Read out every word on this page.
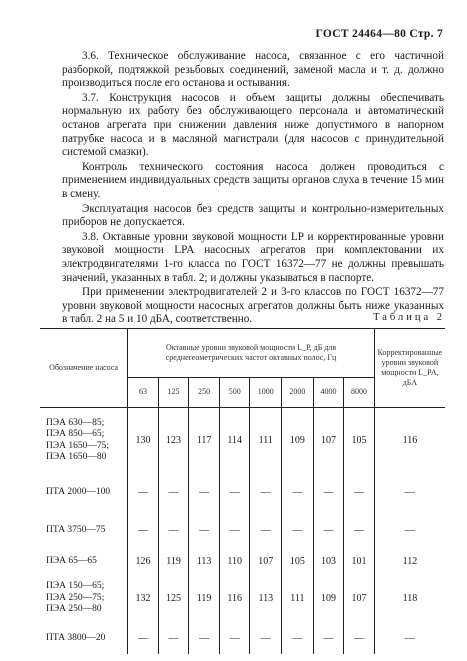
ГОСТ 24464—80 Стр. 7

3.6. Техническое обслуживание насоса, связанное с его частичной разборкой, подтяжкой резьбовых соединений, заменой масла и т. д. должно производиться после его останова и остывания.

3.7. Конструкция насосов и объем защиты должны обеспечивать нормальную их работу без обслуживающего персонала и автоматический останов агрегата при снижении давления ниже допустимого в напорном патрубке насоса и в масляной магистрали (для насосов с принудительной системой смазки).

Контроль технического состояния насоса должен проводиться с применением индивидуальных средств защиты органов слуха в течение 15 мин в смену.

Эксплуатация насосов без средств защиты и контрольно-измерительных приборов не допускается.

3.8. Октавные уровни звуковой мощности LP и корректированные уровни звуковой мощности LPA насосных агрегатов при комплектовании их электродвигателями 1-го класса по ГОСТ 16372—77 не должны превышать значений, указанных в табл. 2; и должны указываться в паспорте.

При применении электродвигателей 2 и 3-го классов по ГОСТ 16372—77 уровни звуковой мощности насосных агрегатов должны быть ниже указанных в табл. 2 на 5 и 10 дБА, соответственно.	Таблица 2
Обозначение насоса	Октавные уровни звуковой мощности L_P, дБ для среднегеометрических частот октавных полос, Гц								Корректированные уровни звуковой мощности L_PA, дБА
	63	125	250	500	1000	2000	4000	8000	
ПЭА 630—85;
ПЭА 850—65;
ПЭА 1650—75;
ПЭА 1650—80	130	123	117	114	111	109	107	105	116
ПТА 2000—100	—	—	—	—	—	—	—	—	—
ПТА 3750—75	—	—	—	—	—	—	—	—	—
ПЭА 65—65	126	119	113	110	107	105	103	101	112
ПЭА 150—65;
ПЭА 250—75;
ПЭА 250—80	132	125	119	116	113	111	109	107	118
ПТА 3800—20	—	—	—	—	—	—	—	—	—
